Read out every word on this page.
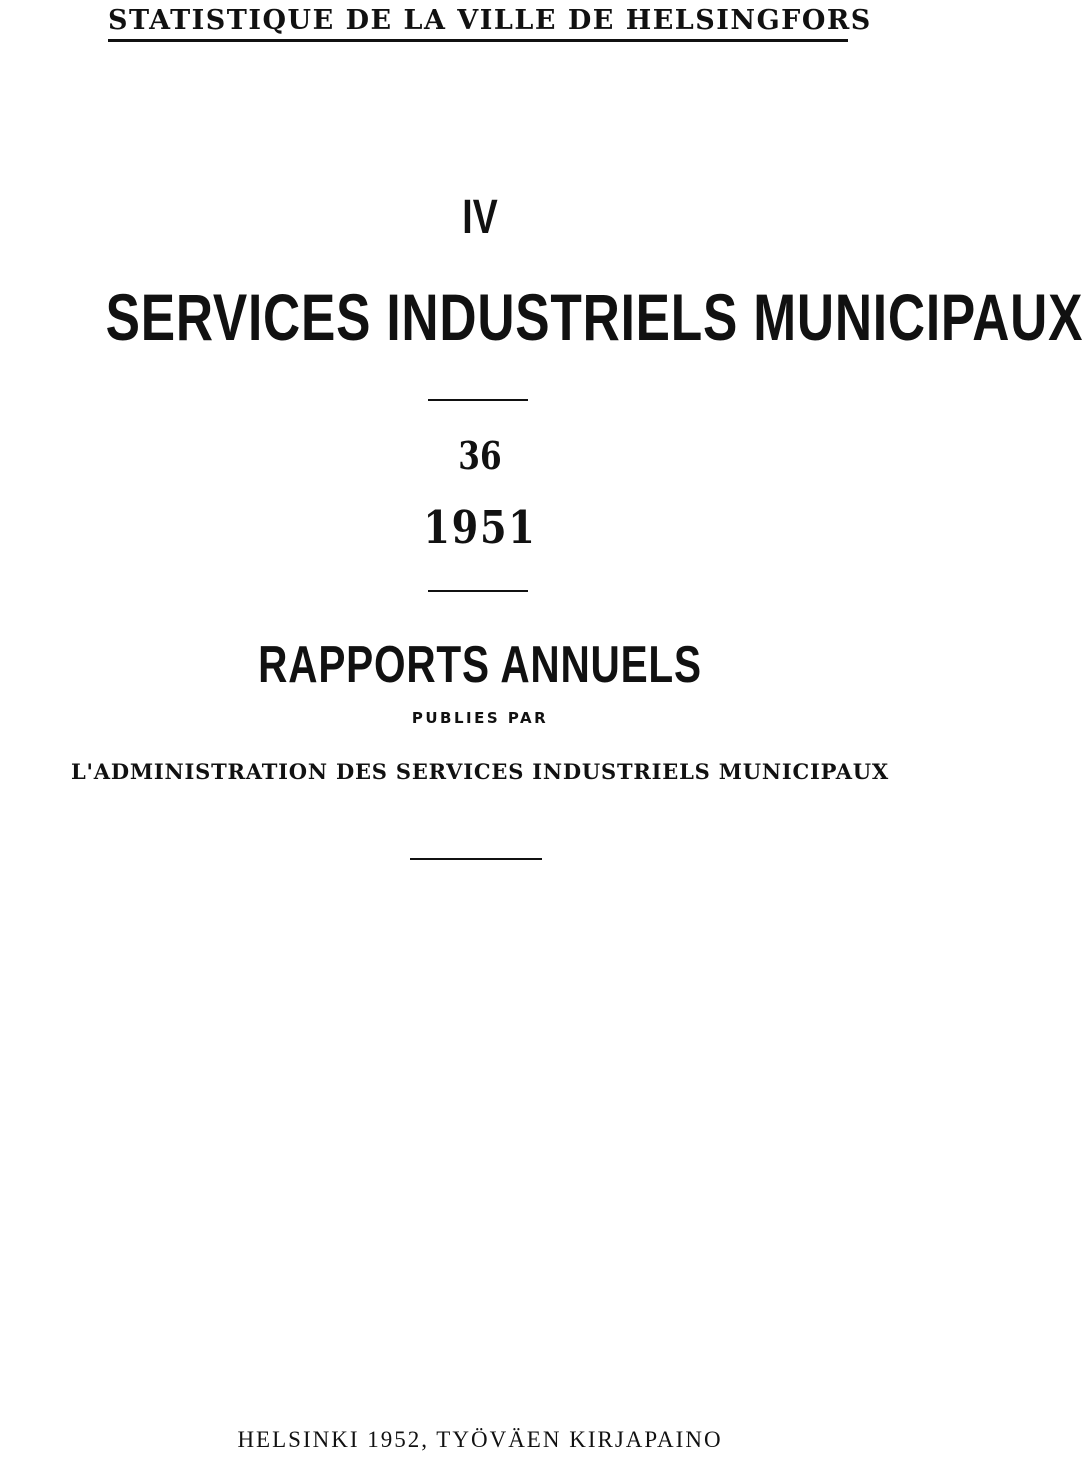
STATISTIQUE DE LA VILLE DE HELSINGFORS
IV
SERVICES INDUSTRIELS MUNICIPAUX
36
1951
RAPPORTS ANNUELS
PUBLIES PAR
L'ADMINISTRATION DES SERVICES INDUSTRIELS MUNICIPAUX
HELSINKI 1952, TYÖVÄEN KIRJAPAINO
